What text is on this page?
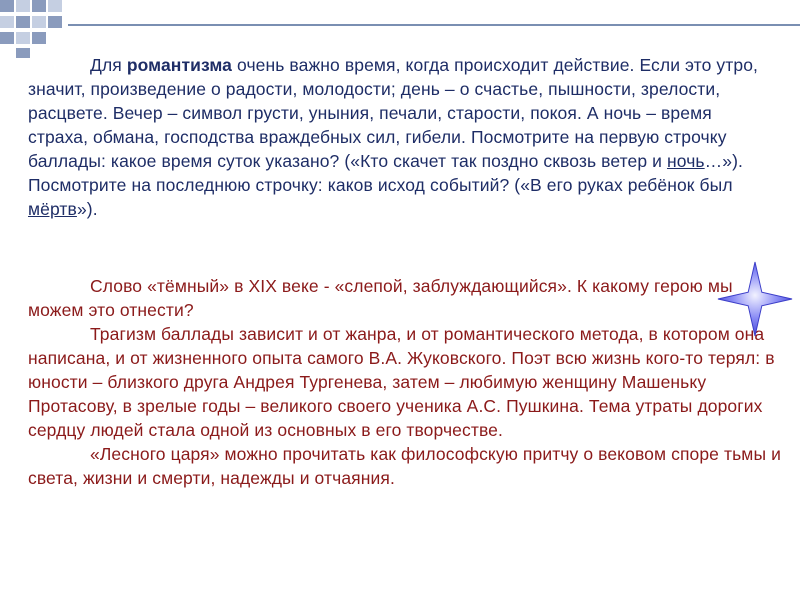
Для романтизма очень важно время, когда происходит действие. Если это утро, значит, произведение о радости, молодости; день – о счастье, пышности, зрелости, расцвете. Вечер – символ грусти, уныния, печали, старости, покоя. А ночь – время страха, обмана, господства враждебных сил, гибели. Посмотрите на первую строчку баллады: какое время суток указано? («Кто скачет так поздно сквозь ветер и ночь…»). Посмотрите на последнюю строчку: каков исход событий? («В его руках ребёнок был мёртв»).

Слово «тёмный» в XIX веке - «слепой, заблуждающийся». К какому герою мы можем это отнести?
Трагизм баллады зависит и от жанра, и от романтического метода, в котором она написана, и от жизненного опыта самого В.А. Жуковского. Поэт всю жизнь кого-то терял: в юности – близкого друга Андрея Тургенева, затем – любимую женщину Машеньку Протасову, в зрелые годы – великого своего ученика А.С. Пушкина. Тема утраты дорогих сердцу людей стала одной из основных в его творчестве.
«Лесного царя» можно прочитать как философскую притчу о вековом споре тьмы и света, жизни и смерти, надежды и отчаяния.
